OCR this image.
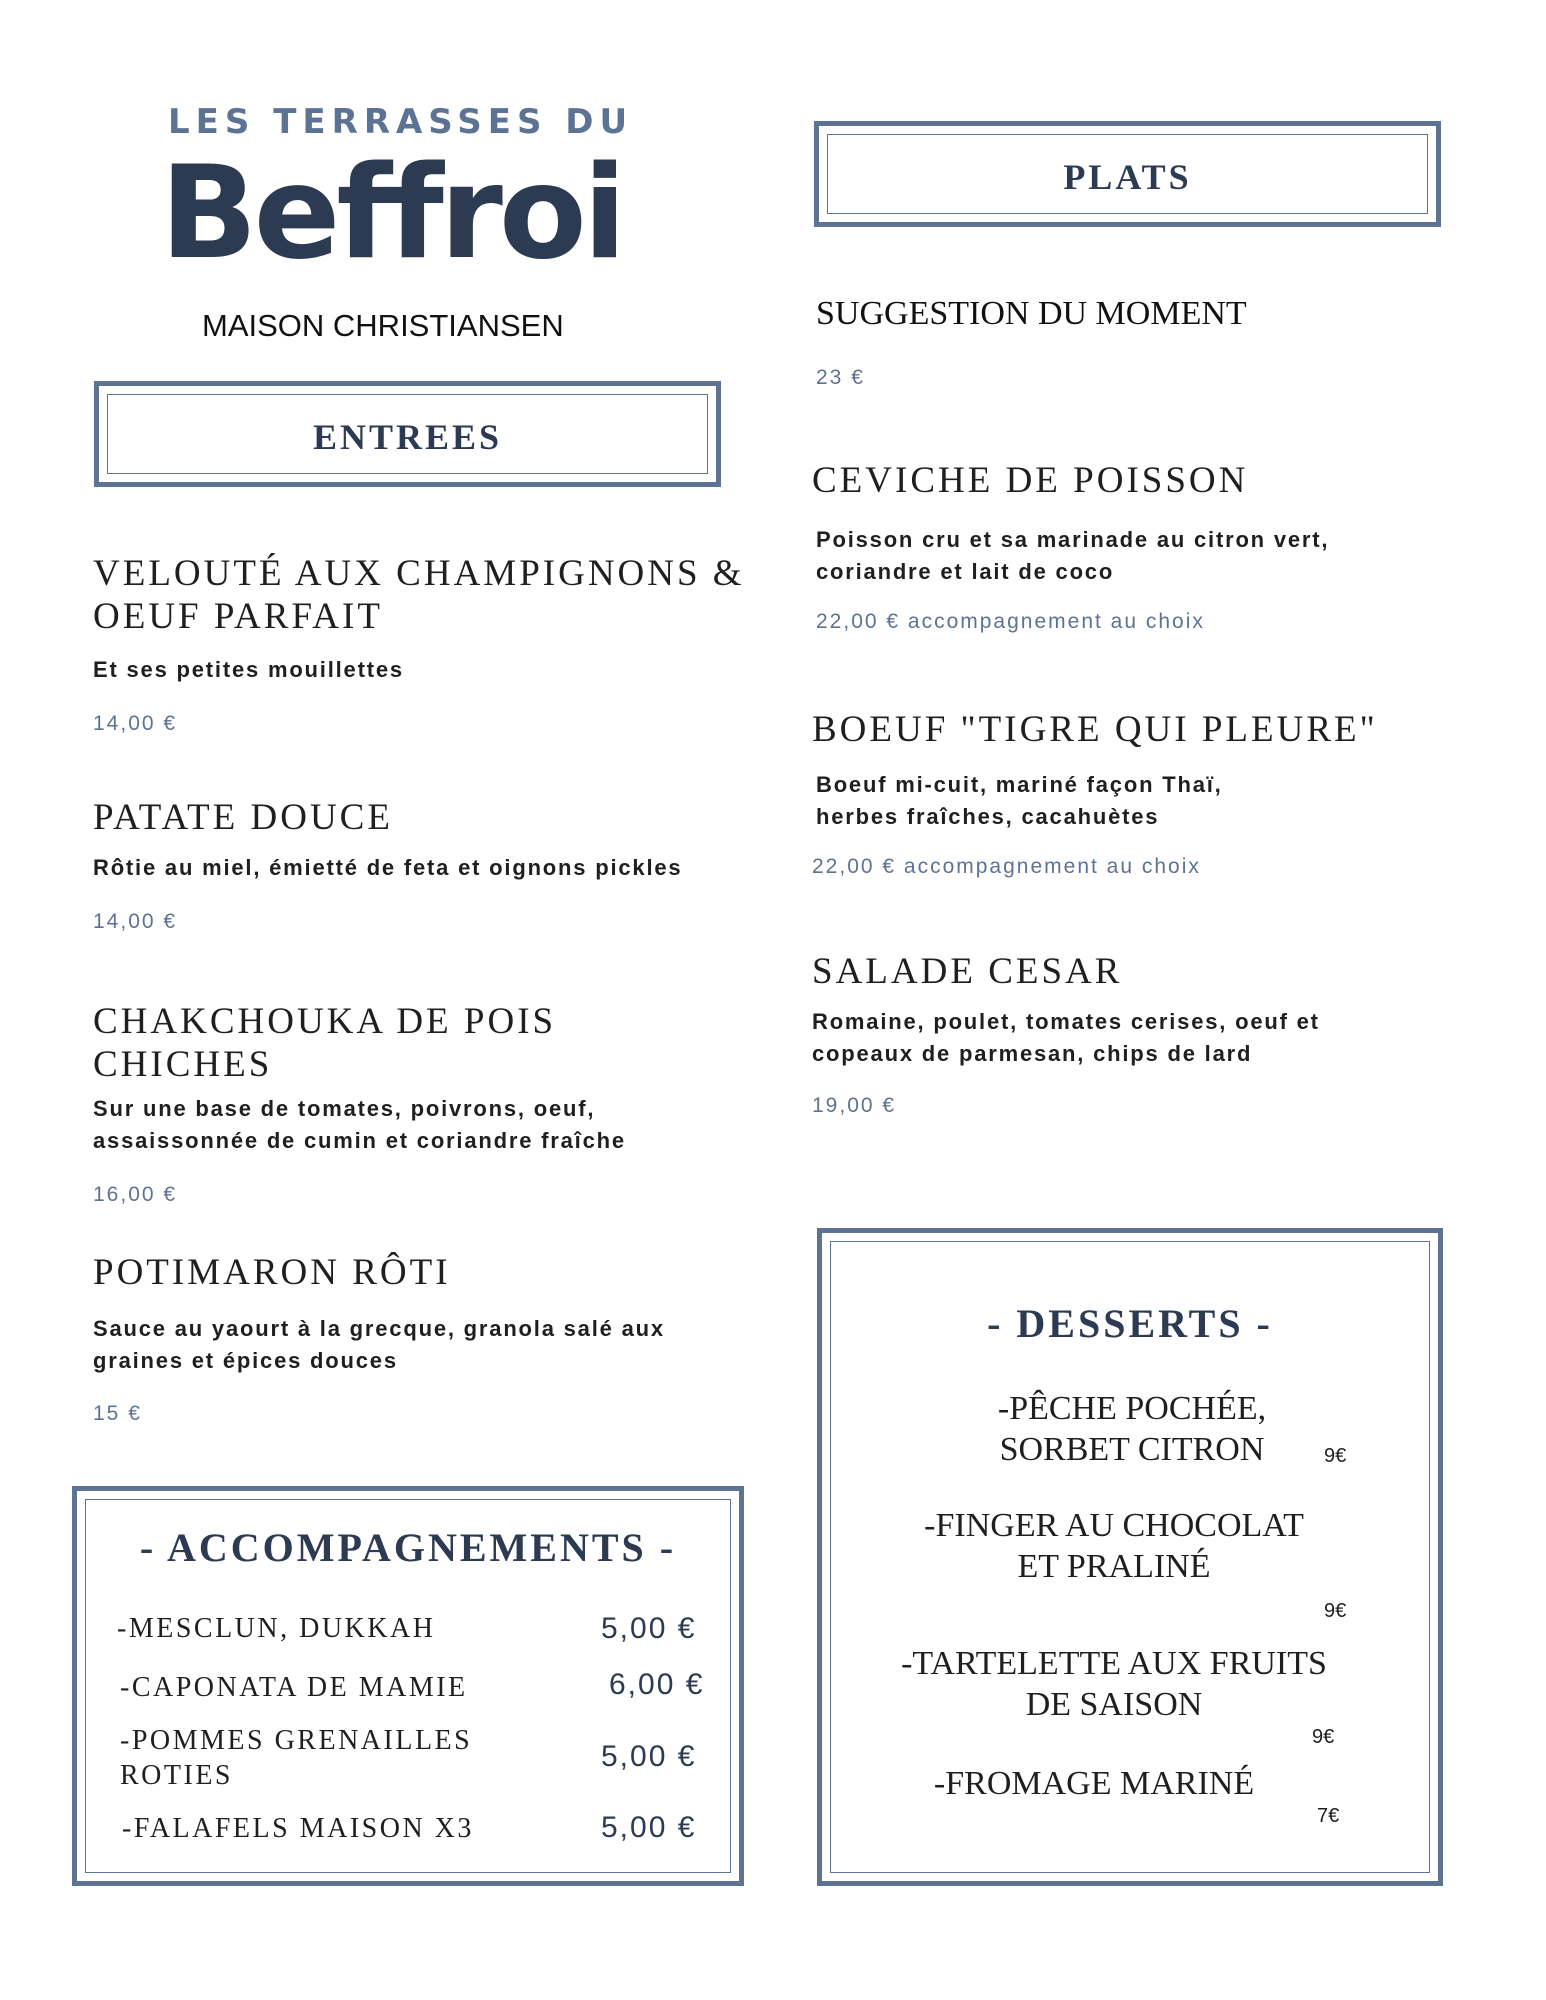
LES TERRASSES DU
Beffroi
MAISON CHRISTIANSEN
ENTREES
VELOUTÉ AUX CHAMPIGNONS & OEUF PARFAIT
Et ses petites mouillettes
14,00 €
PATATE DOUCE
Rôtie au miel, émietté de feta et oignons pickles
14,00 €
CHAKCHOUKA DE POIS CHICHES
Sur une base de tomates, poivrons, oeuf, assaissonnée de cumin et coriandre fraîche
16,00 €
POTIMARON RÔTI
Sauce au yaourt à la grecque, granola salé aux graines et épices douces
15 €
PLATS
SUGGESTION DU MOMENT
23 €
CEVICHE DE POISSON
Poisson cru et sa marinade au citron vert, coriandre et lait de coco
22,00 € accompagnement au choix
BOEUF "TIGRE QUI PLEURE"
Boeuf mi-cuit, mariné façon Thaï, herbes fraîches, cacahuètes
22,00 € accompagnement au choix
SALADE CESAR
Romaine, poulet, tomates cerises, oeuf et copeaux de parmesan, chips de lard
19,00 €
- ACCOMPAGNEMENTS -
-MESCLUN, DUKKAH	5,00 €
-CAPONATA DE MAMIE	6,00 €
-POMMES GRENAILLES ROTIES
5,00 €
-FALAFELS MAISON X3	5,00 €
- DESSERTS -
-PÊCHE POCHÉE, SORBET CITRON	9€
-FINGER AU CHOCOLAT ET PRALINÉ
9€
-TARTELETTE AUX FRUITS DE SAISON
9€
-FROMAGE MARINÉ
7€
